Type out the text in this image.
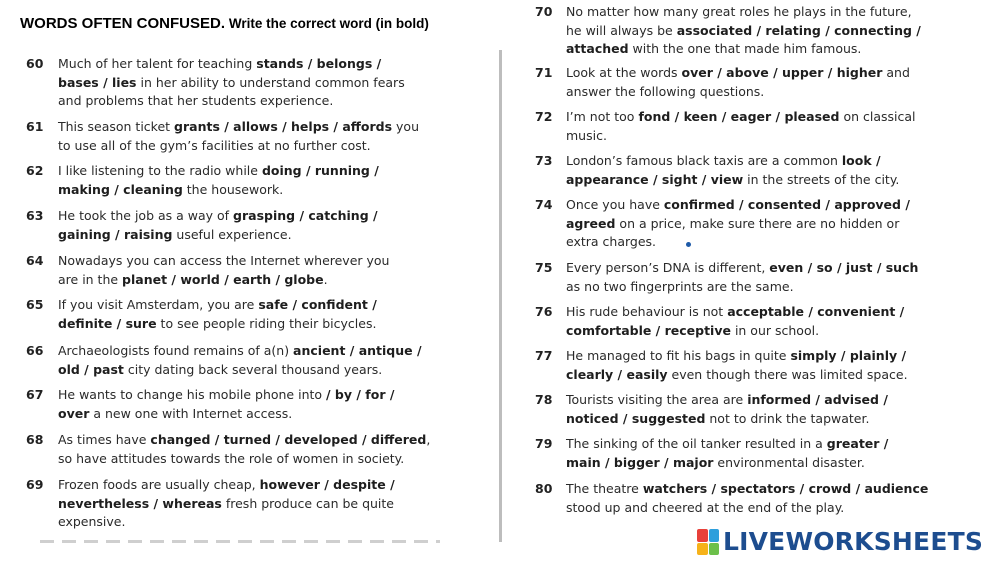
WORDS OFTEN CONFUSED. Write the correct word (in bold)
60 Much of her talent for teaching stands / belongs /
bases / lies in her ability to understand common fears
and problems that her students experience.
61 This season ticket grants / allows / helps / affords you
to use all of the gym’s facilities at no further cost.
62 I like listening to the radio while doing / running /
making / cleaning the housework.
63 He took the job as a way of grasping / catching /
gaining / raising useful experience.
64 Nowadays you can access the Internet wherever you
are in the planet / world / earth / globe.
65 If you visit Amsterdam, you are safe / confident /
definite / sure to see people riding their bicycles.
66 Archaeologists found remains of a(n) ancient / antique /
old / past city dating back several thousand years.
67 He wants to change his mobile phone into / by / for /
over a new one with Internet access.
68 As times have changed / turned / developed / differed,
so have attitudes towards the role of women in society.
69 Frozen foods are usually cheap, however / despite /
nevertheless / whereas fresh produce can be quite
expensive.
70 No matter how many great roles he plays in the future,
he will always be associated / relating / connecting /
attached with the one that made him famous.
71 Look at the words over / above / upper / higher and
answer the following questions.
72 I’m not too fond / keen / eager / pleased on classical
music.
73 London’s famous black taxis are a common look /
appearance / sight / view in the streets of the city.
74 Once you have confirmed / consented / approved /
agreed on a price, make sure there are no hidden or
extra charges.
75 Every person’s DNA is different, even / so / just / such
as no two fingerprints are the same.
76 His rude behaviour is not acceptable / convenient /
comfortable / receptive in our school.
77 He managed to fit his bags in quite simply / plainly /
clearly / easily even though there was limited space.
78 Tourists visiting the area are informed / advised /
noticed / suggested not to drink the tapwater.
79 The sinking of the oil tanker resulted in a greater /
main / bigger / major environmental disaster.
80 The theatre watchers / spectators / crowd / audience
stood up and cheered at the end of the play.
LIVEWORKSHEETS
